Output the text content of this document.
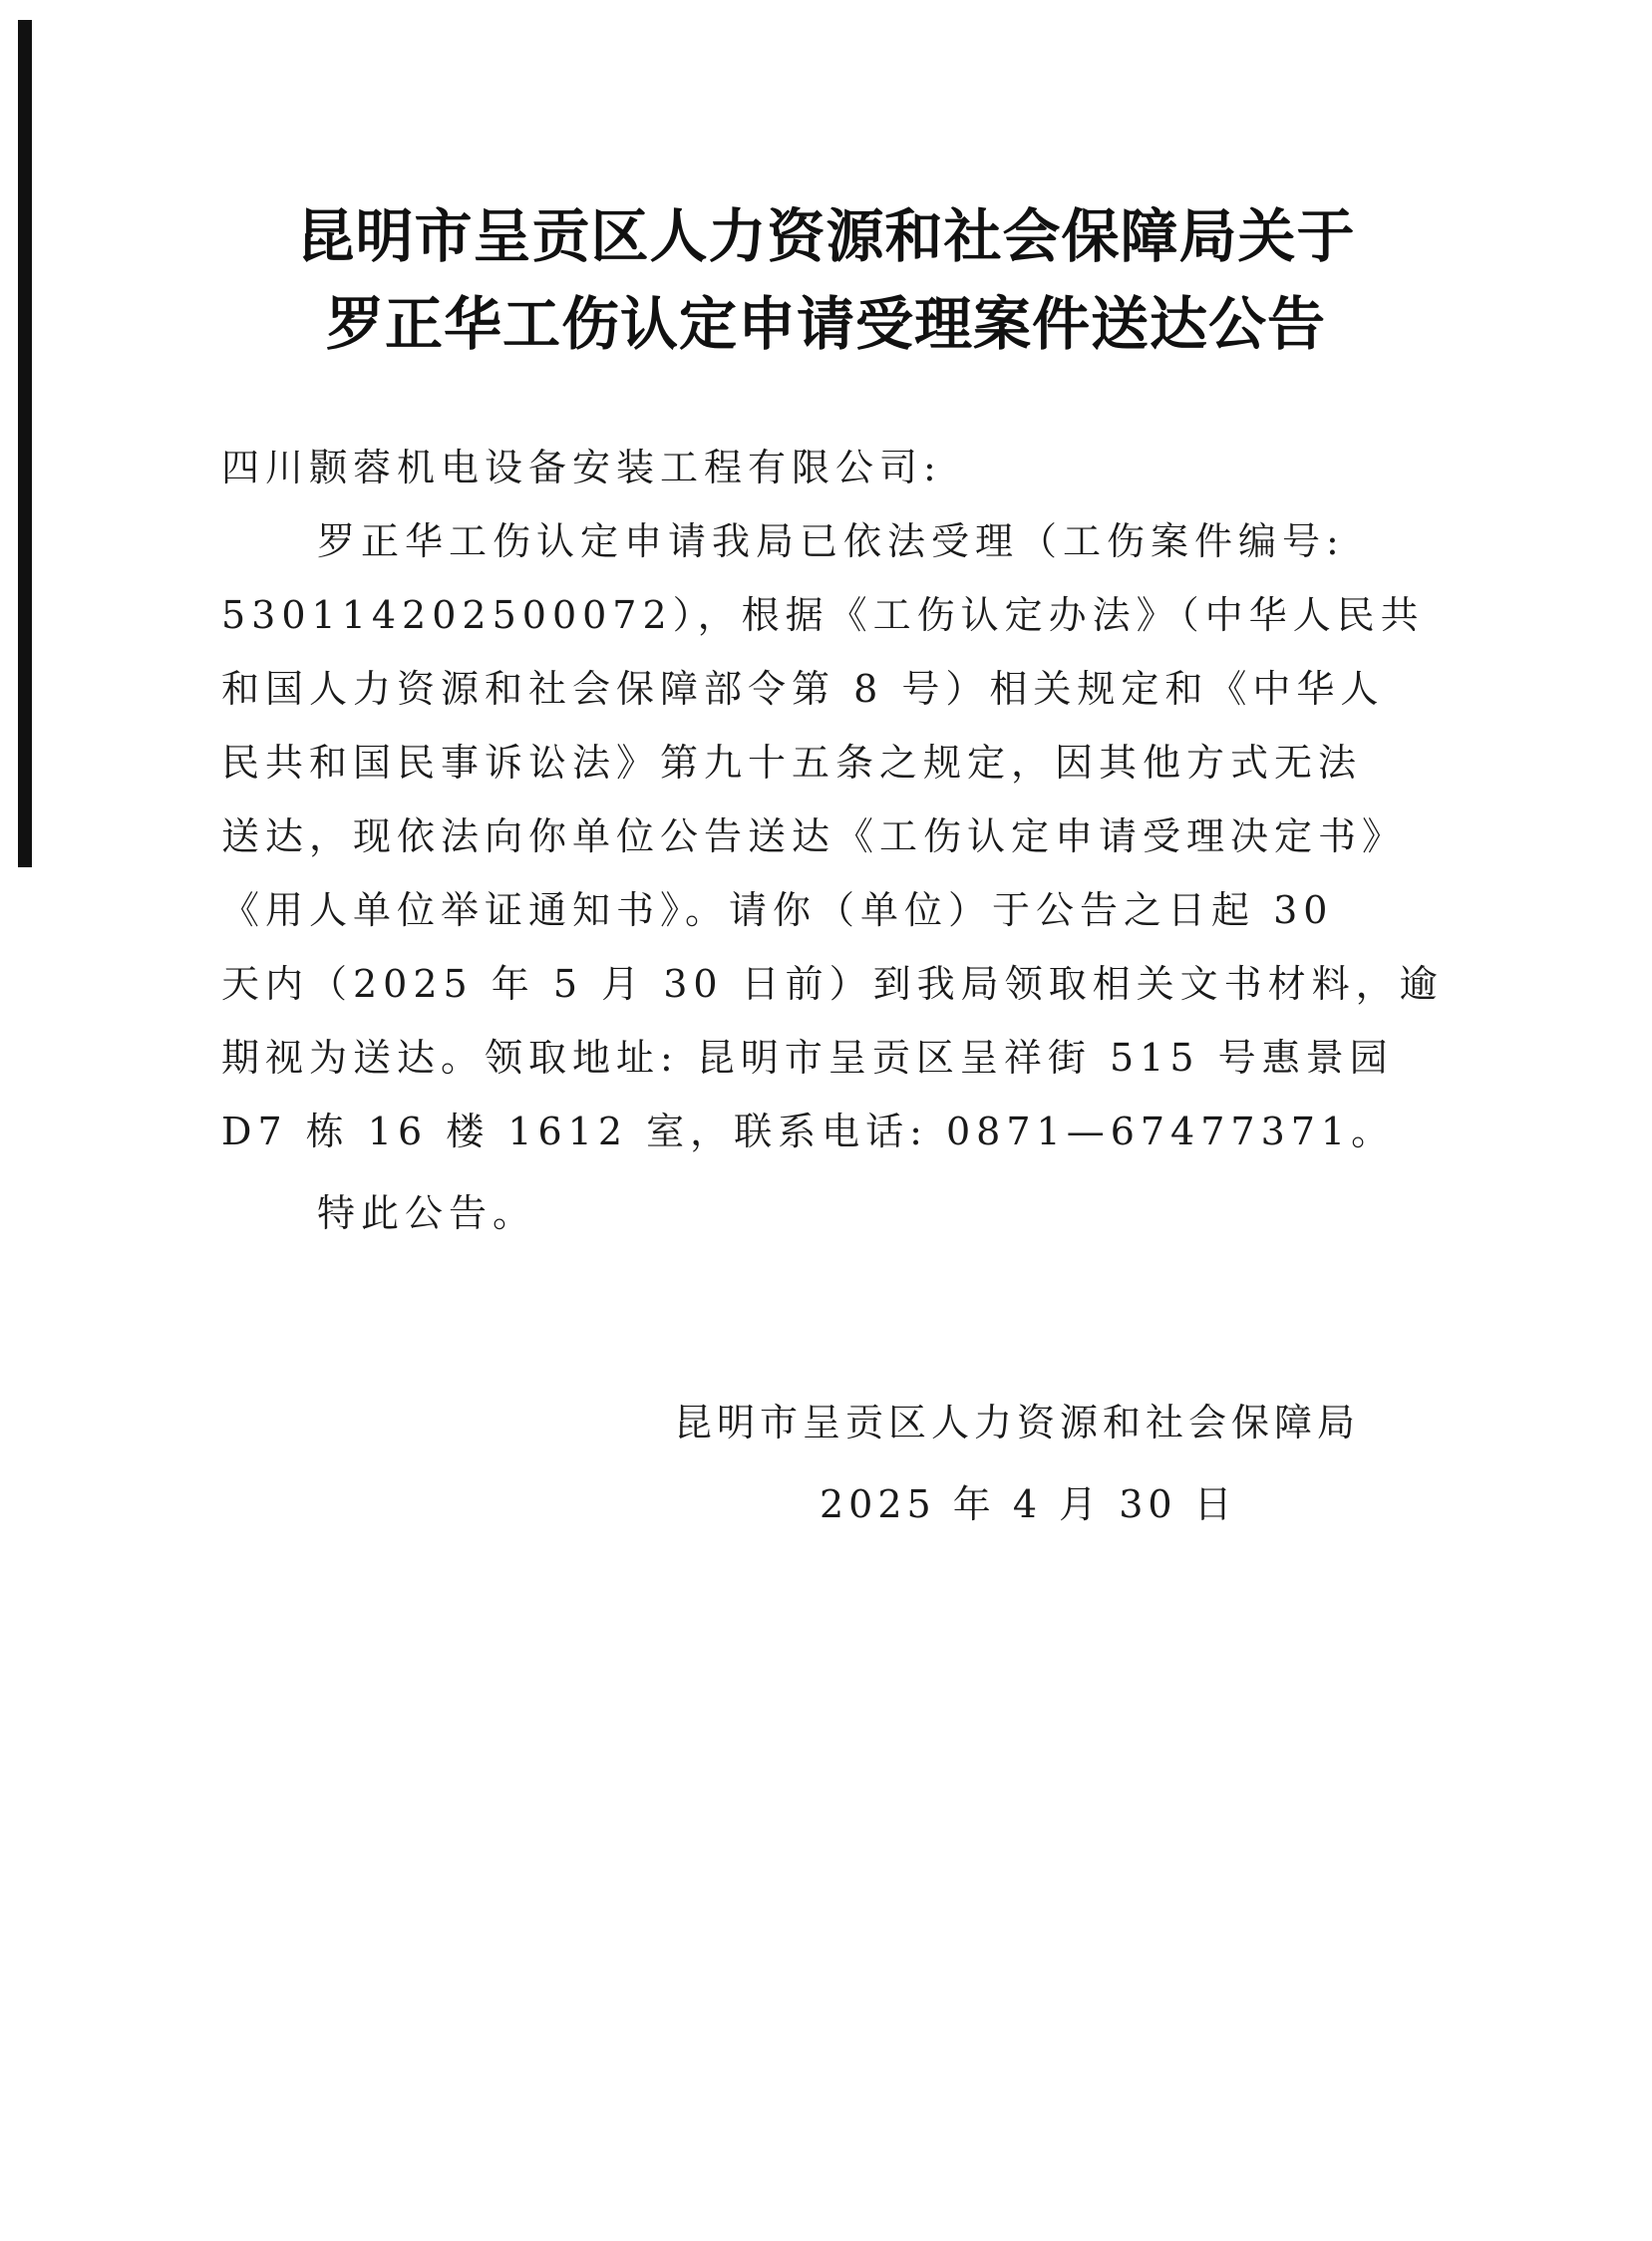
昆明市呈贡区人力资源和社会保障局关于
罗正华工伤认定申请受理案件送达公告
四川颢蓉机电设备安装工程有限公司:
罗正华工伤认定申请我局已依法受理（工伤案件编号:
530114202500072），根据《工伤认定办法》（中华人民共
和国人力资源和社会保障部令第 8 号）相关规定和《中华人
民共和国民事诉讼法》第九十五条之规定，因其他方式无法
送达，现依法向你单位公告送达《工伤认定申请受理决定书》
《用人单位举证通知书》。请你（单位）于公告之日起 30
天内（2025 年 5 月 30 日前）到我局领取相关文书材料，逾
期视为送达。领取地址: 昆明市呈贡区呈祥街 515 号惠景园
D7 栋 16 楼 1612 室，联系电话: 0871—67477371。
特此公告。
昆明市呈贡区人力资源和社会保障局
2025 年 4 月 30 日
